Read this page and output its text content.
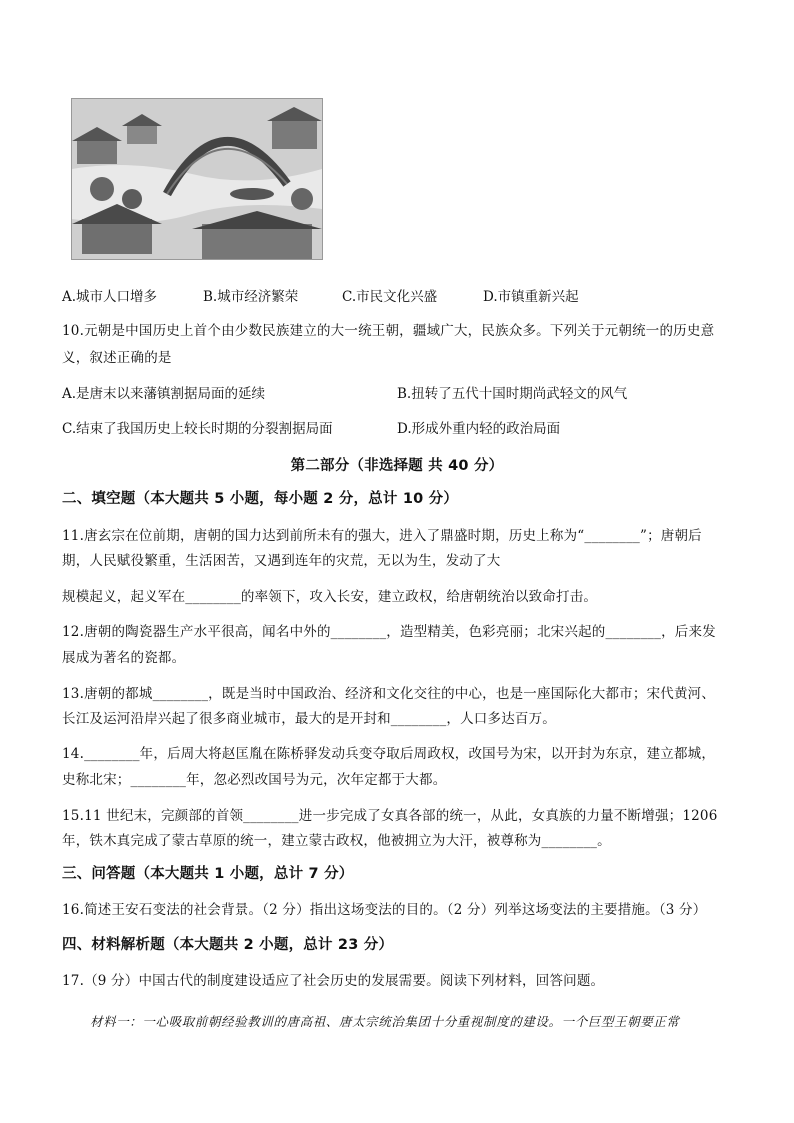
A.城市人口增多	B.城市经济繁荣	C.市民文化兴盛	D.市镇重新兴起
10.元朝是中国历史上首个由少数民族建立的大一统王朝，疆域广大，民族众多。下列关于元朝统一的历史意
义，叙述正确的是
A.是唐末以来藩镇割据局面的延续	B.扭转了五代十国时期尚武轻文的风气
C.结束了我国历史上较长时期的分裂割据局面	D.形成外重内轻的政治局面
第二部分（非选择题 共 40 分）
二、填空题（本大题共 5 小题，每小题 2 分，总计 10 分）
11.唐玄宗在位前期，唐朝的国力达到前所未有的强大，进入了鼎盛时期，历史上称为“________”；唐朝后
期，人民赋役繁重，生活困苦，又遇到连年的灾荒，无以为生，发动了大
规模起义，起义军在________的率领下，攻入长安，建立政权，给唐朝统治以致命打击。
12.唐朝的陶瓷器生产水平很高，闻名中外的________，造型精美，色彩亮丽；北宋兴起的________，后来发
展成为著名的瓷都。
13.唐朝的都城________，既是当时中国政治、经济和文化交往的中心，也是一座国际化大都市；宋代黄河、
长江及运河沿岸兴起了很多商业城市，最大的是开封和________，人口多达百万。
14.________年，后周大将赵匡胤在陈桥驿发动兵变夺取后周政权，改国号为宋，以开封为东京，建立都城，
史称北宋；________年，忽必烈改国号为元，次年定都于大都。
15.11 世纪末，完颜部的首领________进一步完成了女真各部的统一，从此，女真族的力量不断增强；1206
年，铁木真完成了蒙古草原的统一，建立蒙古政权，他被拥立为大汗，被尊称为________。
三、问答题（本大题共 1 小题，总计 7 分）
16.简述王安石变法的社会背景。（2 分）指出这场变法的目的。（2 分）列举这场变法的主要措施。（3 分）
四、材料解析题（本大题共 2 小题，总计 23 分）
17.（9 分）中国古代的制度建设适应了社会历史的发展需要。阅读下列材料，回答问题。
材料一：一心吸取前朝经验教训的唐高祖、唐太宗统治集团十分重视制度的建设。一个巨型王朝要正常
